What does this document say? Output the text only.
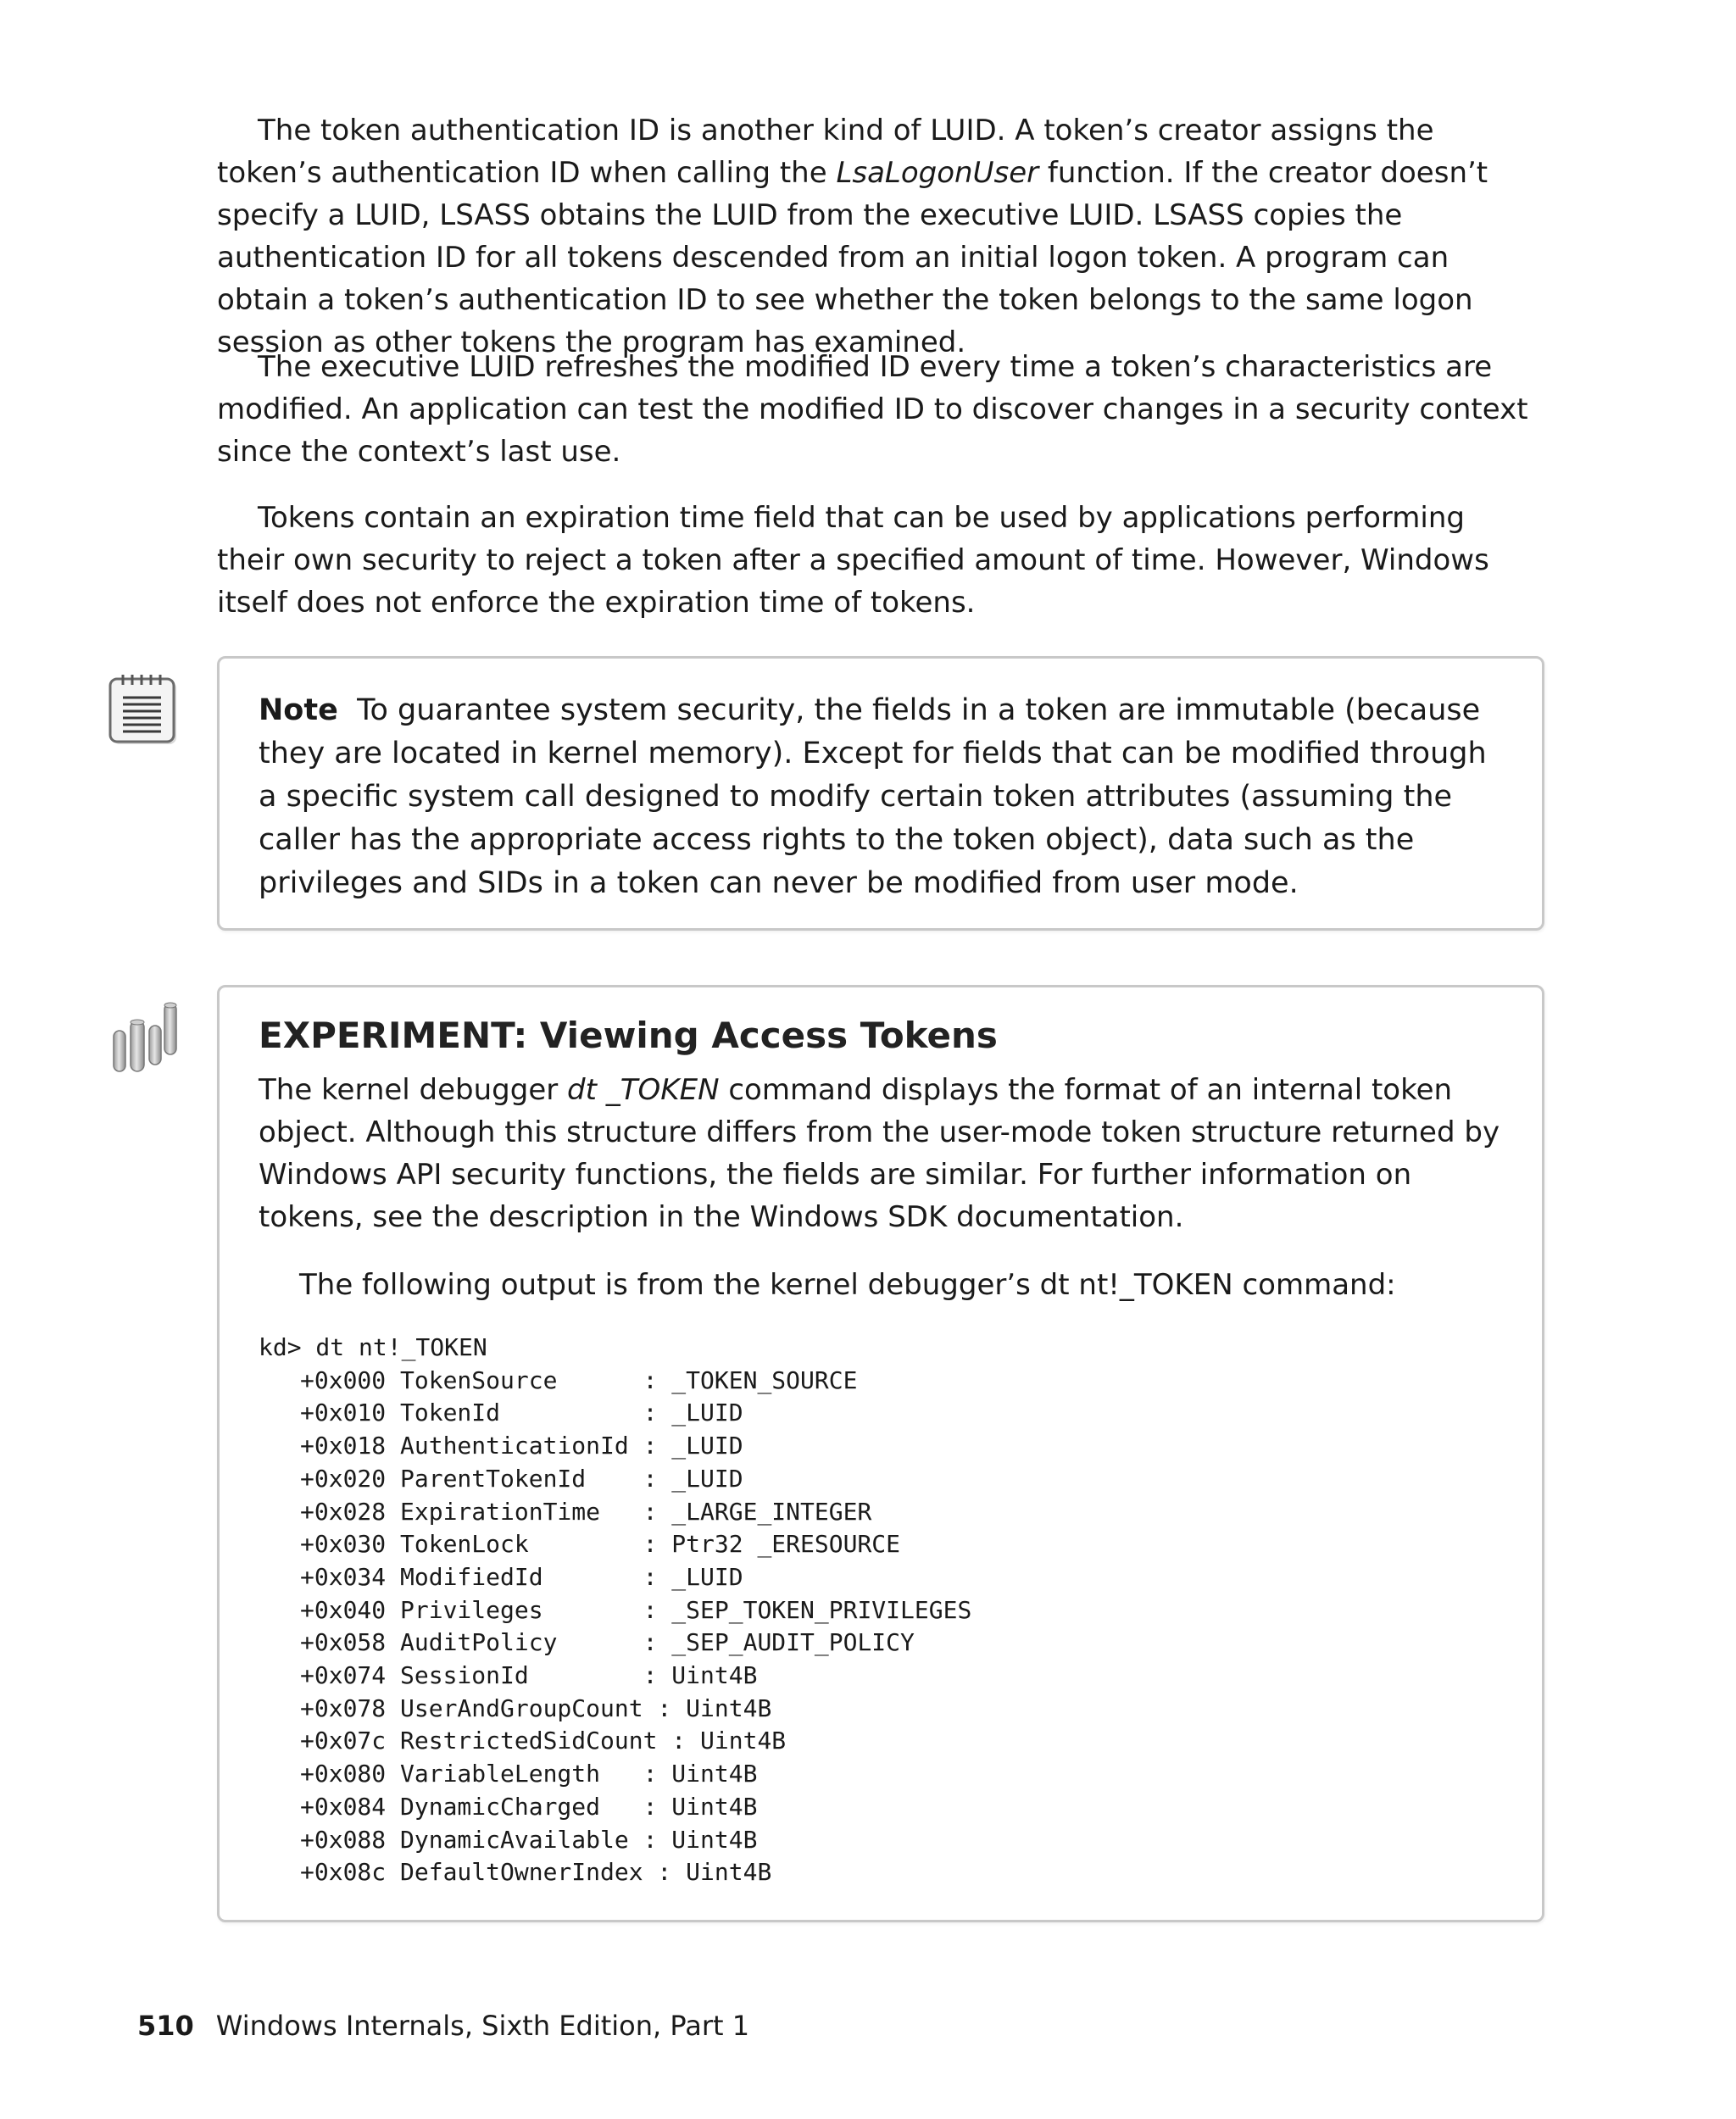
The token authentication ID is another kind of LUID. A token’s creator assigns the token’s authentication ID when calling the LsaLogonUser function. If the creator doesn’t specify a LUID, LSASS obtains the LUID from the executive LUID. LSASS copies the authentication ID for all tokens descended from an initial logon token. A program can obtain a token’s authentication ID to see whether the token belongs to the same logon session as other tokens the program has examined.

The executive LUID refreshes the modified ID every time a token’s characteristics are modified. An application can test the modified ID to discover changes in a security context since the context’s last use.

Tokens contain an expiration time field that can be used by applications performing their own security to reject a token after a specified amount of time. However, Windows itself does not enforce the expiration time of tokens.

Note To guarantee system security, the fields in a token are immutable (because they are located in kernel memory). Except for fields that can be modified through a specific system call designed to modify certain token attributes (assuming the caller has the appropriate access rights to the token object), data such as the privileges and SIDs in a token can never be modified from user mode.

EXPERIMENT: Viewing Access Tokens

The kernel debugger dt _TOKEN command displays the format of an internal token object. Although this structure differs from the user-mode token structure returned by Windows API security functions, the fields are similar. For further information on tokens, see the description in the Windows SDK documentation.

The following output is from the kernel debugger’s dt nt!_TOKEN command:

kd> dt nt!_TOKEN
+0x000 TokenSource      : _TOKEN_SOURCE
+0x010 TokenId          : _LUID
+0x018 AuthenticationId : _LUID
+0x020 ParentTokenId    : _LUID
+0x028 ExpirationTime   : _LARGE_INTEGER
+0x030 TokenLock        : Ptr32 _ERESOURCE
+0x034 ModifiedId       : _LUID
+0x040 Privileges       : _SEP_TOKEN_PRIVILEGES
+0x058 AuditPolicy      : _SEP_AUDIT_POLICY
+0x074 SessionId        : Uint4B
+0x078 UserAndGroupCount : Uint4B
+0x07c RestrictedSidCount : Uint4B
+0x080 VariableLength   : Uint4B
+0x084 DynamicCharged   : Uint4B
+0x088 DynamicAvailable : Uint4B
+0x08c DefaultOwnerIndex : Uint4B
510 Windows Internals, Sixth Edition, Part 1
